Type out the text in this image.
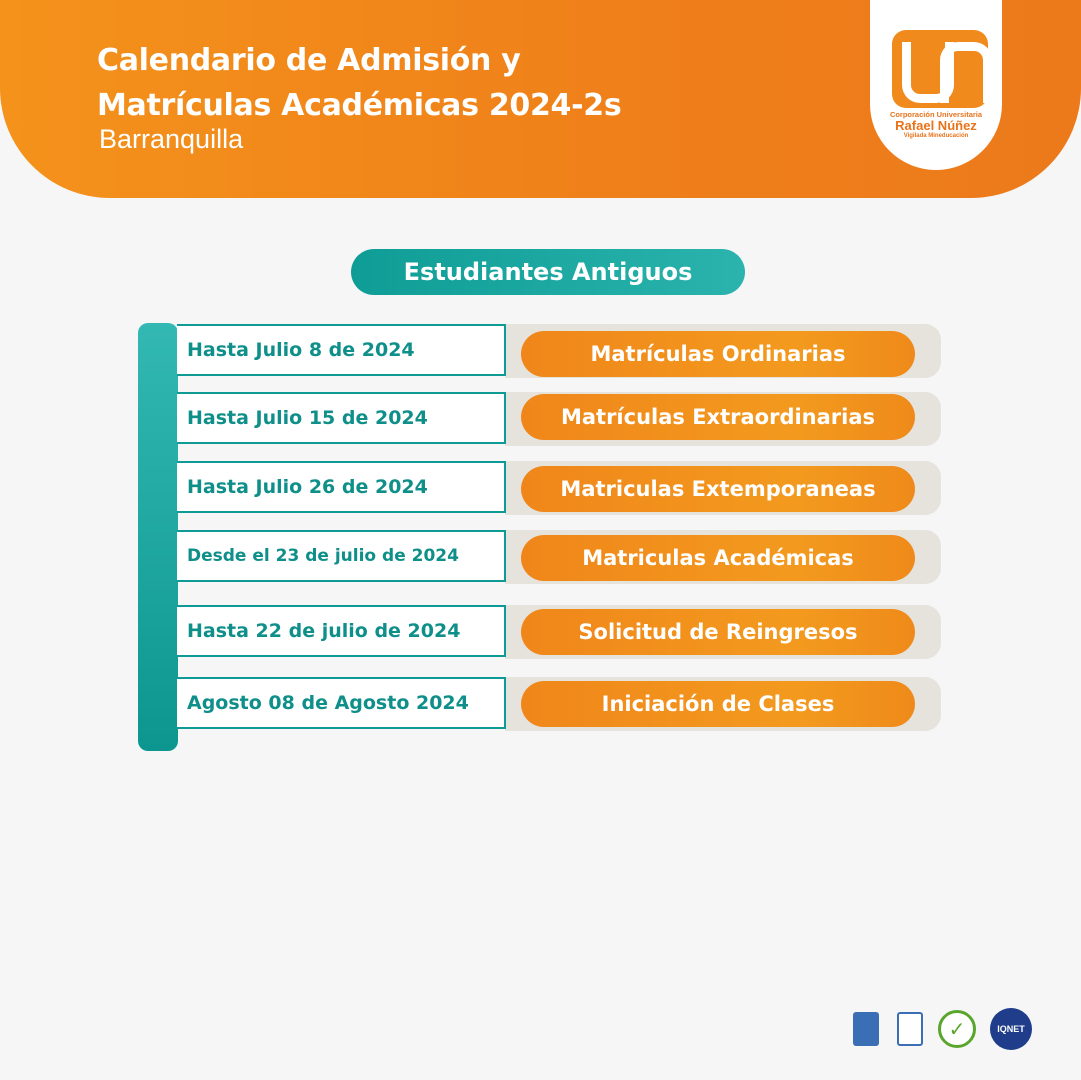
Calendario de Admisión y
Matrículas Académicas 2024-2s
Barranquilla
Corporación Universitaria
Rafael Núñez
Vigilada Mineducación
Estudiantes Antiguos
Hasta Julio 8 de 2024	Matrículas Ordinarias
Hasta Julio 15 de 2024	Matrículas Extraordinarias
Hasta Julio 26 de 2024	Matriculas Extemporaneas
Desde el 23 de julio de 2024	Matriculas Académicas
Hasta 22 de julio de 2024	Solicitud de Reingresos
Agosto 08 de Agosto 2024	Iniciación de Clases
✓	IQNET
